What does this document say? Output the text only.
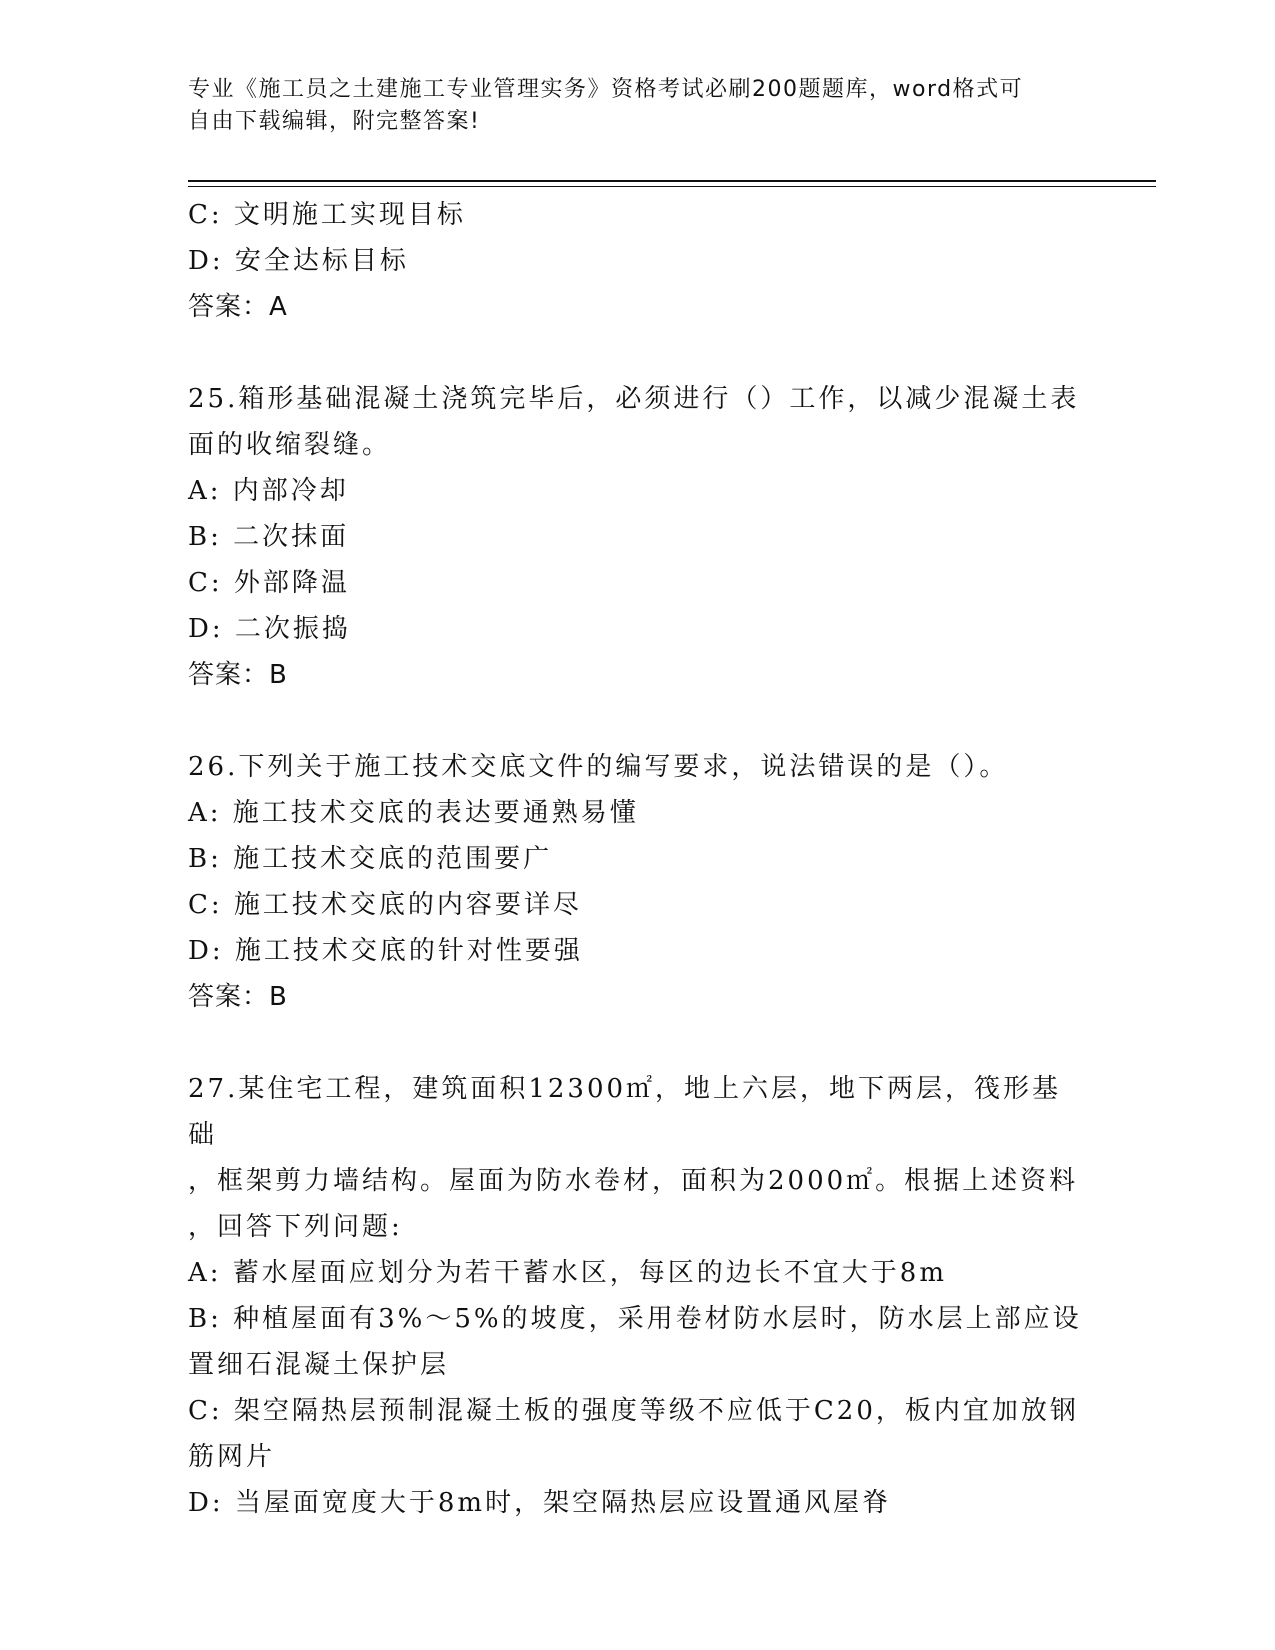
专业《施工员之土建施工专业管理实务》资格考试必刷200题题库，word格式可
自由下载编辑，附完整答案!
C: 文明施工实现目标
D: 安全达标目标
答案：A
25.箱形基础混凝土浇筑完毕后，必须进行（）工作，以减少混凝土表
面的收缩裂缝。
A: 内部冷却
B: 二次抹面
C: 外部降温
D: 二次振捣
答案：B
26.下列关于施工技术交底文件的编写要求，说法错误的是（）。
A: 施工技术交底的表达要通熟易懂
B: 施工技术交底的范围要广
C: 施工技术交底的内容要详尽
D: 施工技术交底的针对性要强
答案：B
27.某住宅工程，建筑面积12300㎡，地上六层，地下两层，筏形基础
，框架剪力墙结构。屋面为防水卷材，面积为2000㎡。根据上述资料
，回答下列问题:
A: 蓄水屋面应划分为若干蓄水区，每区的边长不宜大于8m
B: 种植屋面有3%～5%的坡度，采用卷材防水层时，防水层上部应设
置细石混凝土保护层
C: 架空隔热层预制混凝土板的强度等级不应低于C20，板内宜加放钢
筋网片
D: 当屋面宽度大于8m时，架空隔热层应设置通风屋脊
